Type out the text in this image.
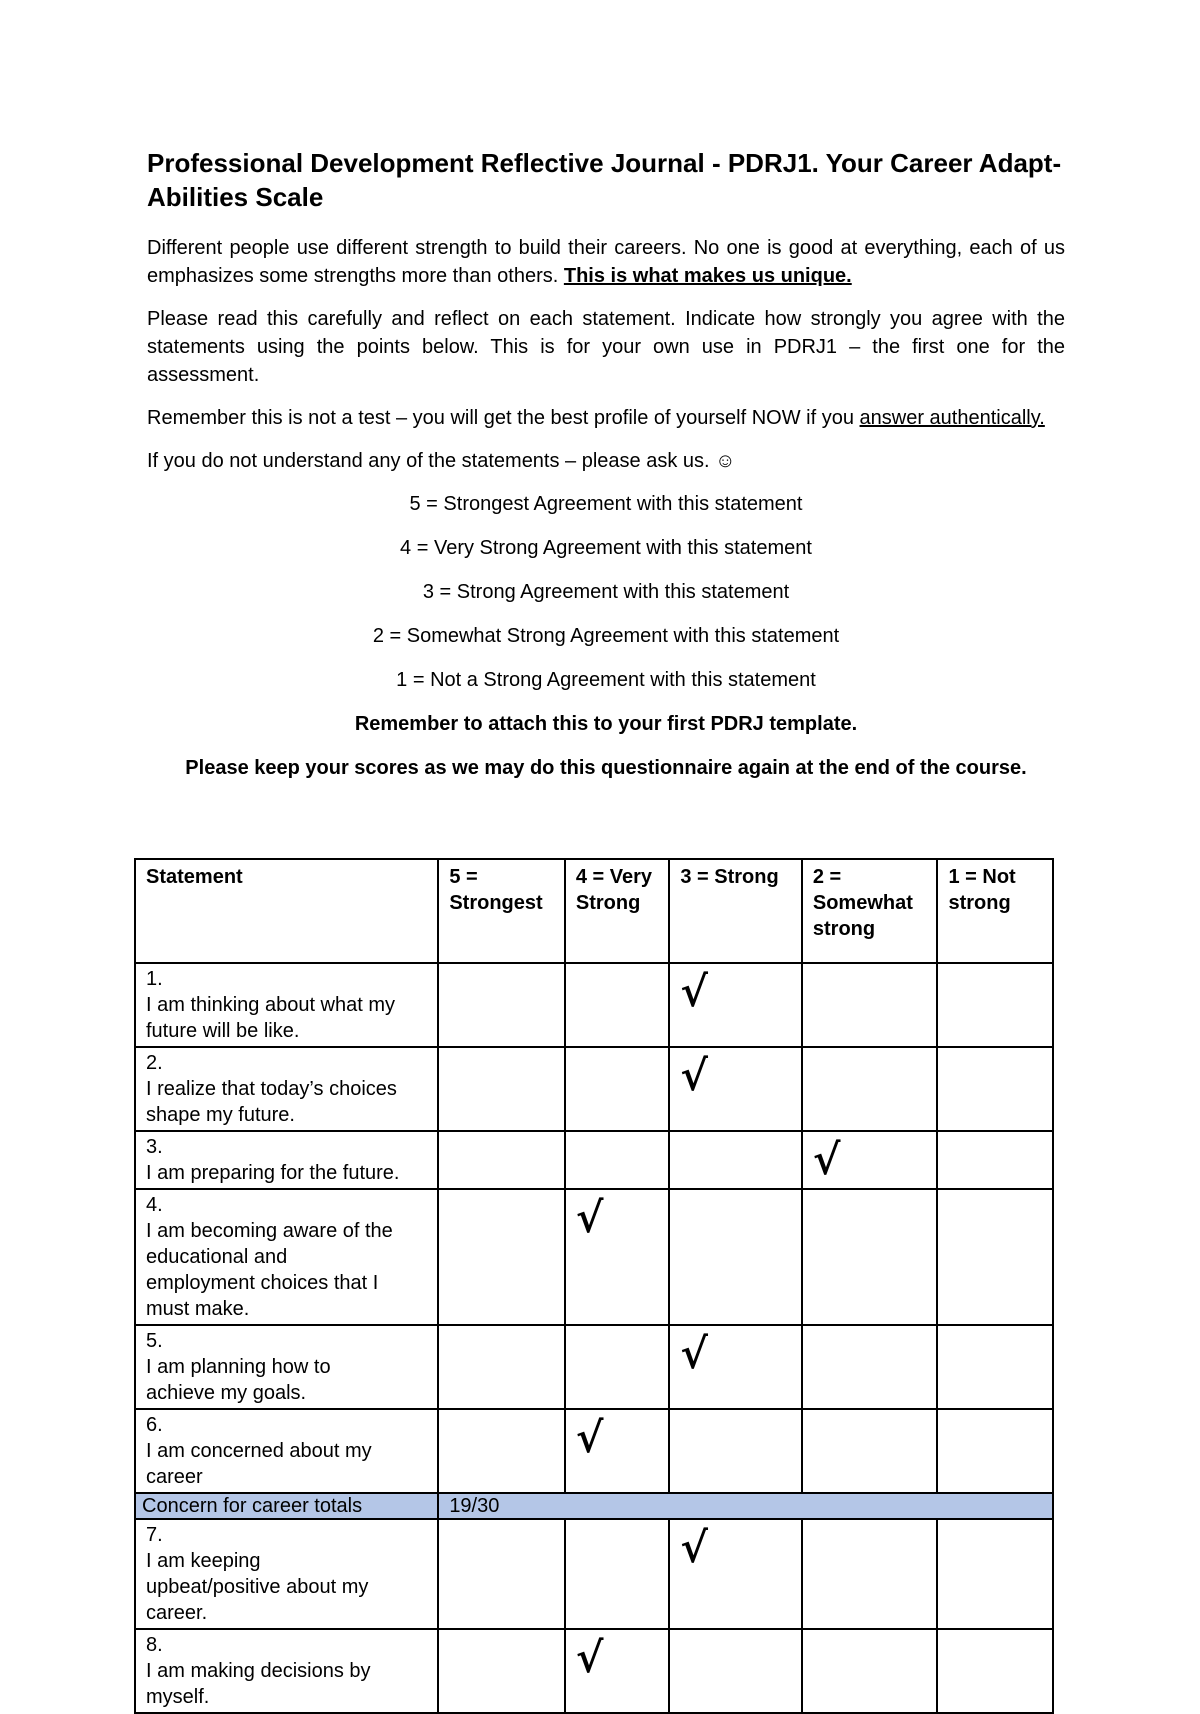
Professional Development Reflective Journal - PDRJ1. Your Career Adapt-Abilities Scale

Different people use different strength to build their careers. No one is good at everything, each of us emphasizes some strengths more than others. This is what makes us unique.

Please read this carefully and reflect on each statement. Indicate how strongly you agree with the statements using the points below. This is for your own use in PDRJ1 – the first one for the assessment.

Remember this is not a test – you will get the best profile of yourself NOW if you answer authentically.

If you do not understand any of the statements – please ask us. ☺

5 = Strongest Agreement with this statement

4 = Very Strong Agreement with this statement

3 = Strong Agreement with this statement

2 = Somewhat Strong Agreement with this statement

1 = Not a Strong Agreement with this statement

Remember to attach this to your first PDRJ template.

Please keep your scores as we may do this questionnaire again at the end of the course.

Statement	5 = Strongest	4 = Very Strong	3 = Strong	2 = Somewhat strong	1 = Not strong
1.I am thinking about what my future will be like.			√		

2.I realize that today’s choices shape my future.			√		

3.I am preparing for the future.				√	

4.I am becoming aware of the educational and employment choices that I must make.		√			

5.I am planning how to achieve my goals.			√		

6.I am concerned about my career		√			

Concern for career totals	19/30				
7.I am keeping upbeat/positive about my career.			√		

8.I am making decisions by myself.		√			
